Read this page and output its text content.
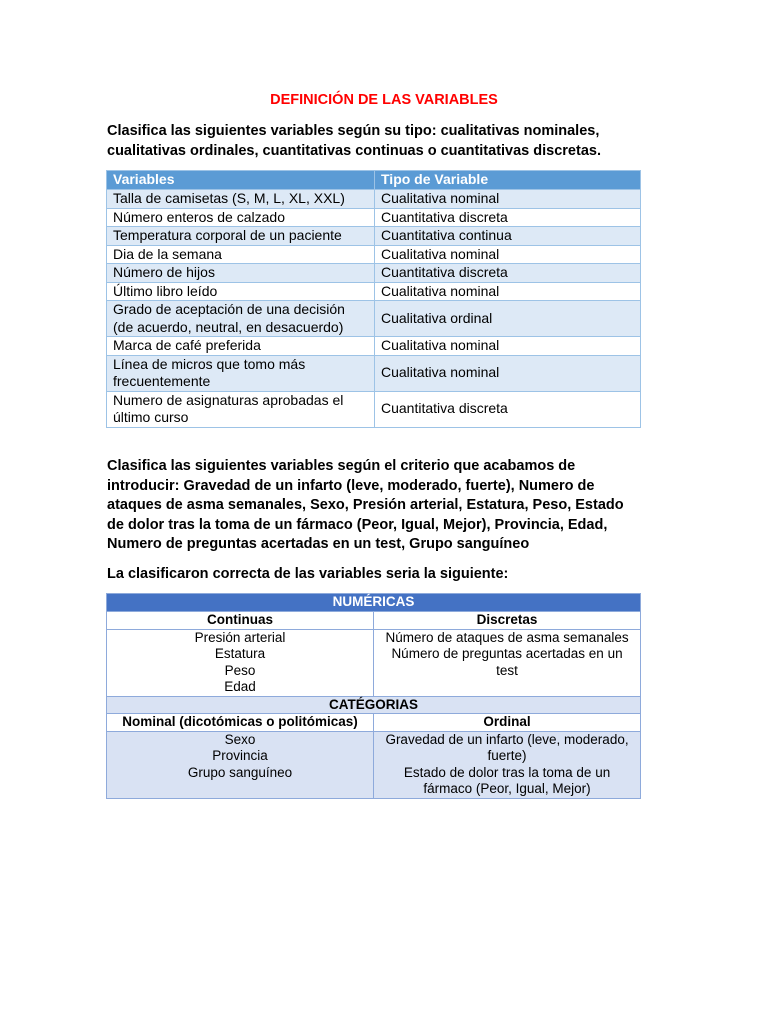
DEFINICIÓN DE LAS VARIABLES
Clasifica las siguientes variables según su tipo: cualitativas nominales,
cualitativas ordinales, cuantitativas continuas o cuantitativas discretas.
Variables	Tipo de Variable

Talla de camisetas (S, M, L, XL, XXL)	Cualitativa nominal

Número enteros de calzado	Cuantitativa discreta

Temperatura corporal de un paciente	Cuantitativa continua

Dia de la semana	Cualitativa nominal

Número de hijos	Cuantitativa discreta

Último libro leído	Cualitativa nominal

Grado de aceptación de una decisión
(de acuerdo, neutral, en desacuerdo)	Cualitativa ordinal

Marca de café preferida	Cualitativa nominal

Línea de micros que tomo más
frecuentemente	Cualitativa nominal

Numero de asignaturas aprobadas el
último curso	Cuantitativa discreta
Clasifica las siguientes variables según el criterio que acabamos de
introducir: Gravedad de un infarto (leve, moderado, fuerte), Numero de
ataques de asma semanales, Sexo, Presión arterial, Estatura, Peso, Estado
de dolor tras la toma de un fármaco (Peor, Igual, Mejor), Provincia, Edad,
Numero de preguntas acertadas en un test, Grupo sanguíneo
La clasificaron correcta de las variables seria la siguiente:
NUMÉRICAS	
Continuas	Discretas

Presión arterial
Estatura
Peso
Edad	Número de ataques de asma semanales
Número de preguntas acertadas en un
test

CATÉGORIAS	
Nominal (dicotómicas o politómicas)	Ordinal

Sexo
Provincia
Grupo sanguíneo	Gravedad de un infarto (leve, moderado,
fuerte)
Estado de dolor tras la toma de un
fármaco (Peor, Igual, Mejor)
